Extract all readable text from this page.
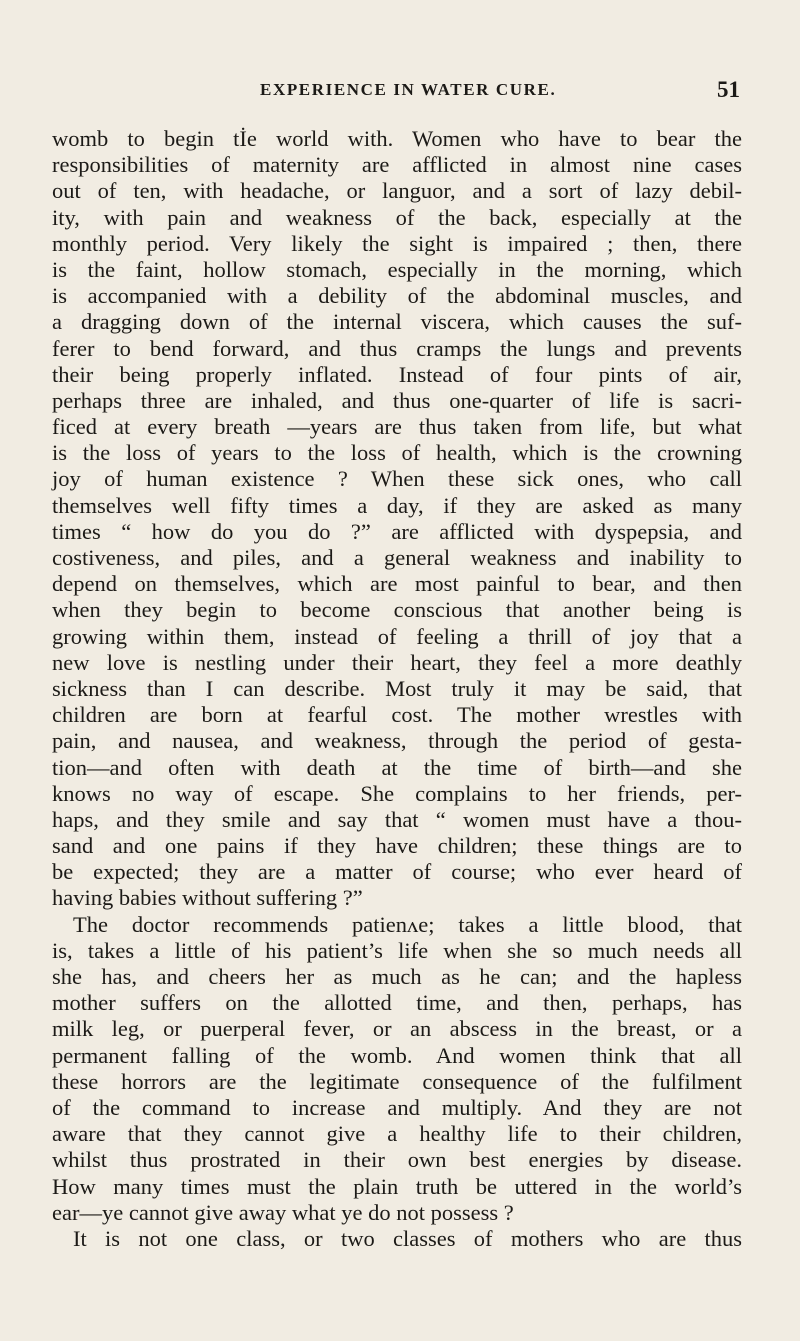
EXPERIENCE IN WATER CURE.	51
womb to begin tİe world with. Women who have to bear the
responsibilities of maternity are afflicted in almost nine cases
out of ten, with headache, or languor, and a sort of lazy debil-
ity, with pain and weakness of the back, especially at the
monthly period. Very likely the sight is impaired ; then, there
is the faint, hollow stomach, especially in the morning, which
is accompanied with a debility of the abdominal muscles, and
a dragging down of the internal viscera, which causes the suf-
ferer to bend forward, and thus cramps the lungs and prevents
their being properly inflated. Instead of four pints of air,
perhaps three are inhaled, and thus one-quarter of life is sacri-
ficed at every breath —years are thus taken from life, but what
is the loss of years to the loss of health, which is the crowning
joy of human existence ? When these sick ones, who call
themselves well fifty times a day, if they are asked as many
times “ how do you do ?” are afflicted with dyspepsia, and
costiveness, and piles, and a general weakness and inability to
depend on themselves, which are most painful to bear, and then
when they begin to become conscious that another being is
growing within them, instead of feeling a thrill of joy that a
new love is nestling under their heart, they feel a more deathly
sickness than I can describe. Most truly it may be said, that
children are born at fearful cost. The mother wrestles with
pain, and nausea, and weakness, through the period of gesta-
tion—and often with death at the time of birth—and she
knows no way of escape. She complains to her friends, per-
haps, and they smile and say that “ women must have a thou-
sand and one pains if they have children; these things are to
be expected; they are a matter of course; who ever heard of
having babies without suffering ?”
The doctor recommends patienʌe; takes a little blood, that
is, takes a little of his patient’s life when she so much needs all
she has, and cheers her as much as he can; and the hapless
mother suffers on the allotted time, and then, perhaps, has
milk leg, or puerperal fever, or an abscess in the breast, or a
permanent falling of the womb. And women think that all
these horrors are the legitimate consequence of the fulfilment
of the command to increase and multiply. And they are not
aware that they cannot give a healthy life to their children,
whilst thus prostrated in their own best energies by disease.
How many times must the plain truth be uttered in the world’s
ear—ye cannot give away what ye do not possess ?
It is not one class, or two classes of mothers who are thus
